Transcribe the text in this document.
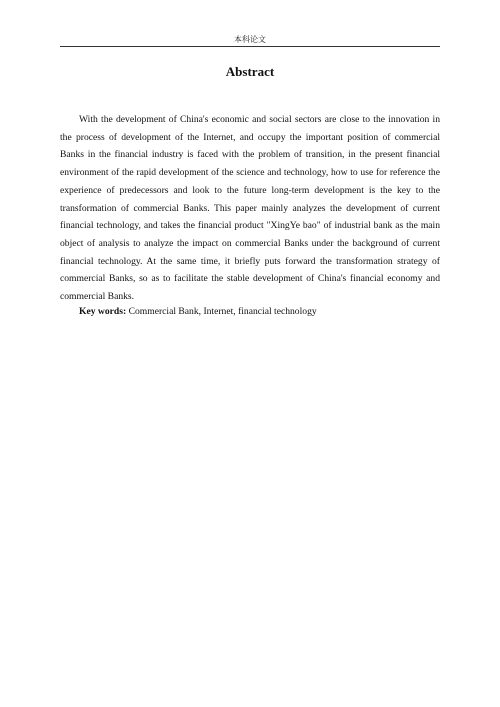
本科论文
Abstract

With the development of China's economic and social sectors are close to the innovation in the process of development of the Internet, and occupy the important position of commercial Banks in the financial industry is faced with the problem of transition, in the present financial environment of the rapid development of the science and technology, how to use for reference the experience of predecessors and look to the future long-term development is the key to the transformation of commercial Banks. This paper mainly analyzes the development of current financial technology, and takes the financial product "XingYe bao" of industrial bank as the main object of analysis to analyze the impact on commercial Banks under the background of current financial technology. At the same time, it briefly puts forward the transformation strategy of commercial Banks, so as to facilitate the stable development of China's financial economy and commercial Banks.

Key words: Commercial Bank, Internet, financial technology
